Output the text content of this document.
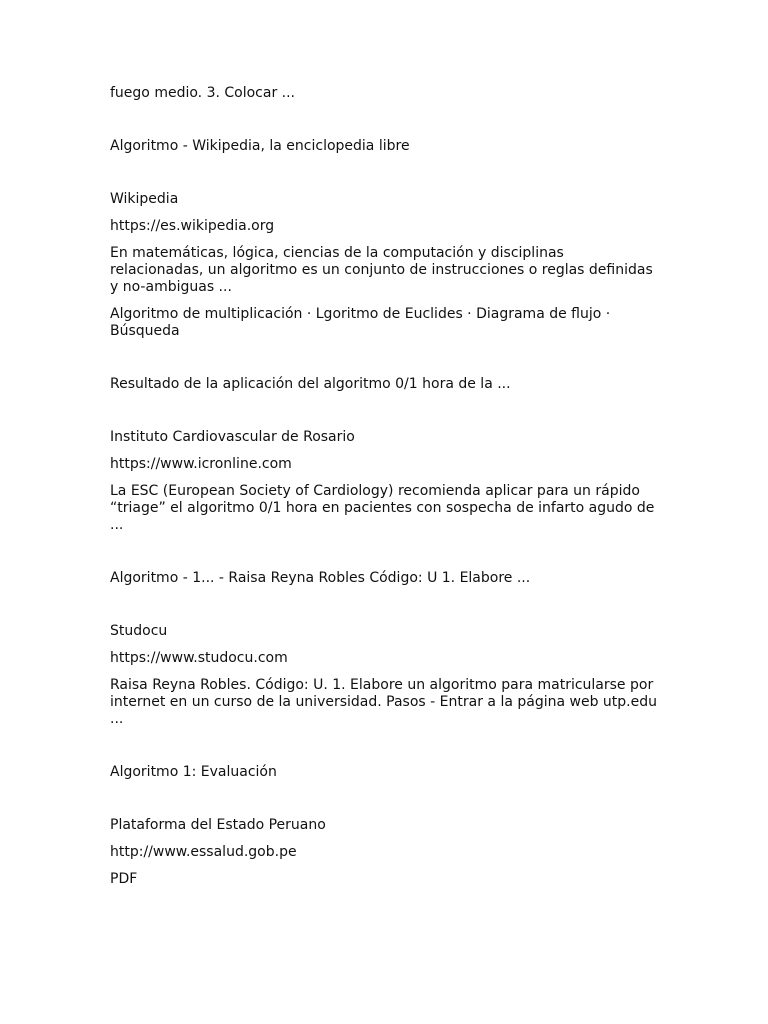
fuego medio. 3. Colocar ...

Algoritmo - Wikipedia, la enciclopedia libre

Wikipedia

https://es.wikipedia.org

En matemáticas, lógica, ciencias de la computación y disciplinas relacionadas, un algoritmo es un conjunto de instrucciones o reglas definidas y no-ambiguas ...

Algoritmo de multiplicación · Lgoritmo de Euclides · Diagrama de flujo · Búsqueda

Resultado de la aplicación del algoritmo 0/1 hora de la ...

Instituto Cardiovascular de Rosario

https://www.icronline.com

La ESC (European Society of Cardiology) recomienda aplicar para un rápido “triage” el algoritmo 0/1 hora en pacientes con sospecha de infarto agudo de ...

Algoritmo - 1... - Raisa Reyna Robles Código: U 1. Elabore ...

Studocu

https://www.studocu.com

Raisa Reyna Robles. Código: U. 1. Elabore un algoritmo para matricularse por internet en un curso de la universidad. Pasos - Entrar a la página web utp.edu ...

Algoritmo 1: Evaluación

Plataforma del Estado Peruano

http://www.essalud.gob.pe

PDF
